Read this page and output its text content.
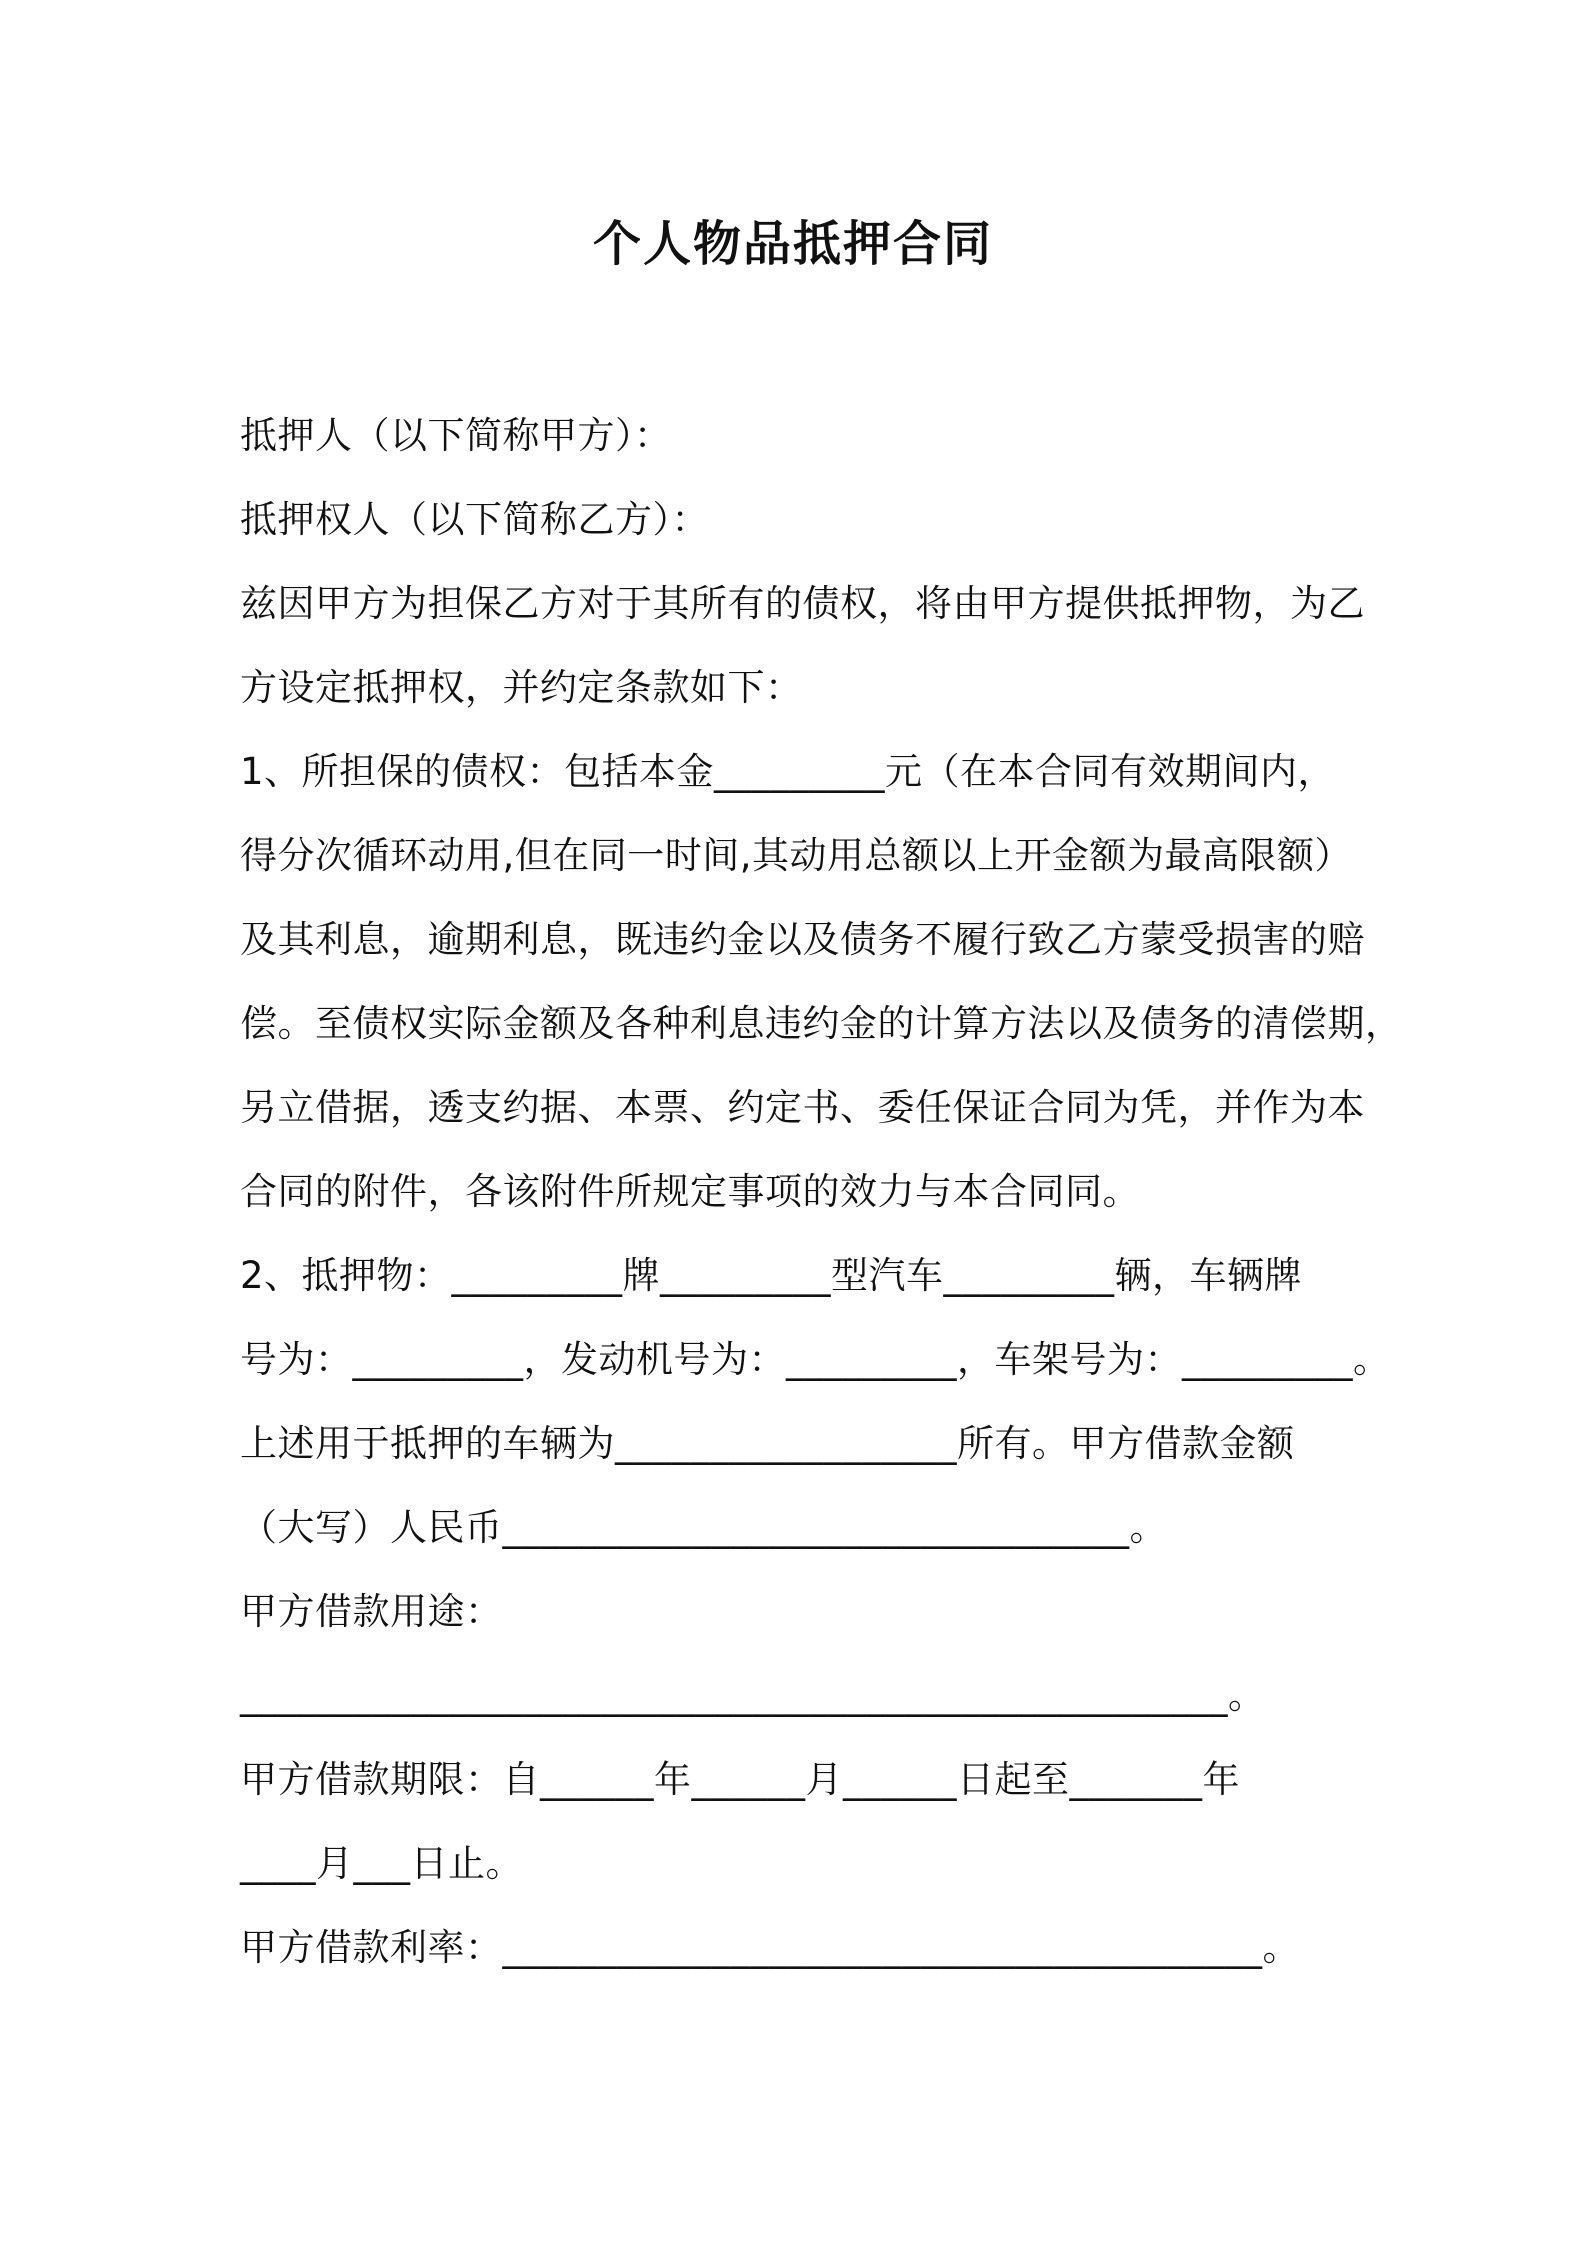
个人物品抵押合同
抵押人（以下简称甲方）：
抵押权人（以下简称乙方）：
兹因甲方为担保乙方对于其所有的债权，将由甲方提供抵押物，为乙
方设定抵押权，并约定条款如下：
1、所担保的债权：包括本金_________元（在本合同有效期间内，
得分次循环动用,但在同一时间,其动用总额以上开金额为最高限额）
及其利息，逾期利息，既违约金以及债务不履行致乙方蒙受损害的赔
偿。至债权实际金额及各种利息违约金的计算方法以及债务的清偿期，
另立借据，透支约据、本票、约定书、委任保证合同为凭，并作为本
合同的附件，各该附件所规定事项的效力与本合同同。
2、抵押物：_________牌_________型汽车_________辆，车辆牌
号为：_________，发动机号为：_________，车架号为：_________。
上述用于抵押的车辆为__________________所有。甲方借款金额
（大写）人民币_________________________________。
甲方借款用途：
____________________________________________________。
甲方借款期限：自______年______月______日起至_______年
____月___日止。
甲方借款利率：________________________________________。
